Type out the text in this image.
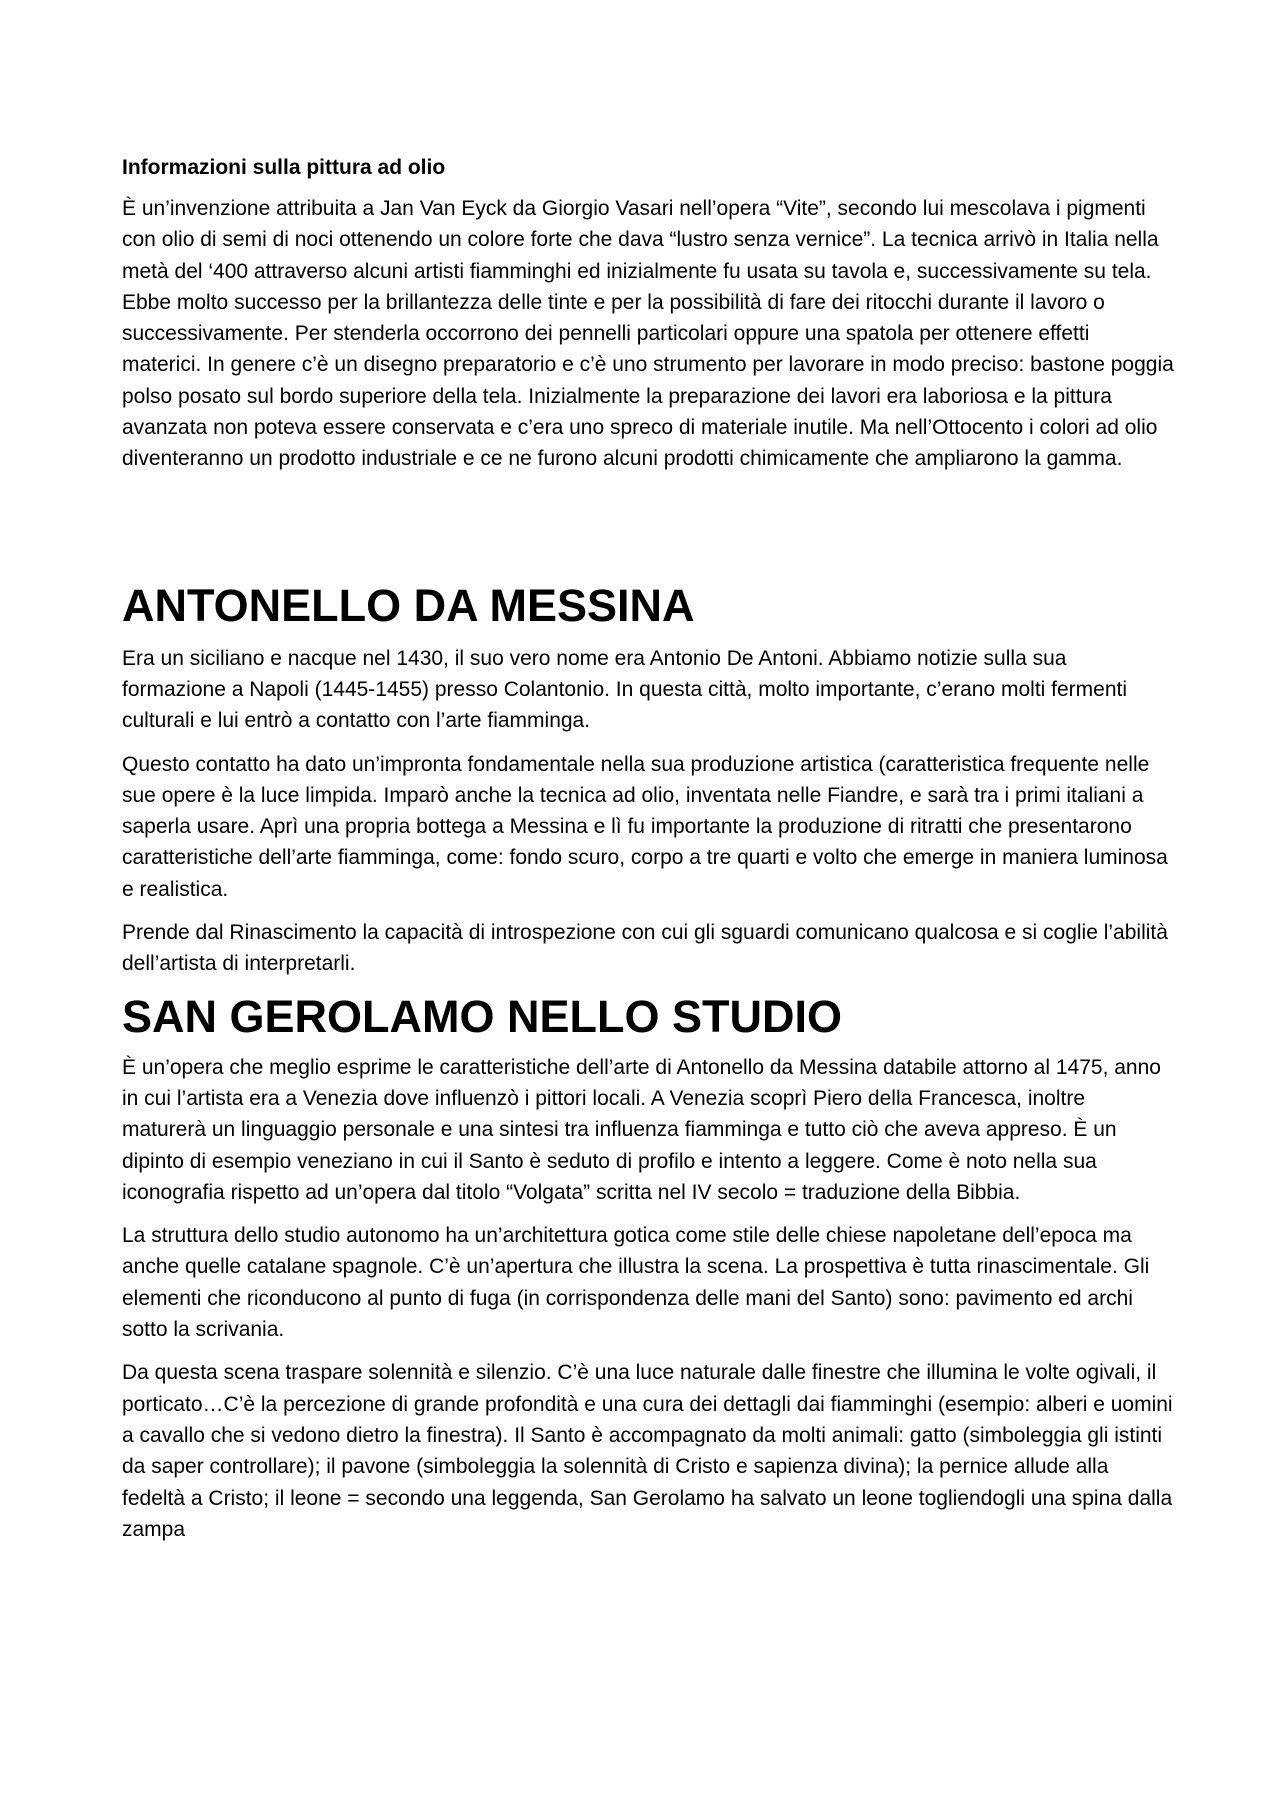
Informazioni sulla pittura ad olio

È un’invenzione attribuita a Jan Van Eyck da Giorgio Vasari nell’opera “Vite”, secondo lui mescolava i pigmenti con olio di semi di noci ottenendo un colore forte che dava “lustro senza vernice”. La tecnica arrivò in Italia nella metà del ‘400 attraverso alcuni artisti fiamminghi ed inizialmente fu usata su tavola e, successivamente su tela. Ebbe molto successo per la brillantezza delle tinte e per la possibilità di fare dei ritocchi durante il lavoro o successivamente. Per stenderla occorrono dei pennelli particolari oppure una spatola per ottenere effetti materici. In genere c’è un disegno preparatorio e c’è uno strumento per lavorare in modo preciso: bastone poggia polso posato sul bordo superiore della tela. Inizialmente la preparazione dei lavori era laboriosa e la pittura avanzata non poteva essere conservata e c’era uno spreco di materiale inutile. Ma nell’Ottocento i colori ad olio diventeranno un prodotto industriale e ce ne furono alcuni prodotti chimicamente che ampliarono la gamma.

ANTONELLO DA MESSINA

Era un siciliano e nacque nel 1430, il suo vero nome era Antonio De Antoni. Abbiamo notizie sulla sua formazione a Napoli (1445-1455) presso Colantonio. In questa città, molto importante, c’erano molti fermenti culturali e lui entrò a contatto con l’arte fiamminga.

Questo contatto ha dato un’impronta fondamentale nella sua produzione artistica (caratteristica frequente nelle sue opere è la luce limpida. Imparò anche la tecnica ad olio, inventata nelle Fiandre, e sarà tra i primi italiani a saperla usare. Aprì una propria bottega a Messina e lì fu importante la produzione di ritratti che presentarono caratteristiche dell’arte fiamminga, come: fondo scuro, corpo a tre quarti e volto che emerge in maniera luminosa e realistica.

Prende dal Rinascimento la capacità di introspezione con cui gli sguardi comunicano qualcosa e si coglie l’abilità dell’artista di interpretarli.

SAN GEROLAMO NELLO STUDIO

È un’opera che meglio esprime le caratteristiche dell’arte di Antonello da Messina databile attorno al 1475, anno in cui l’artista era a Venezia dove influenzò i pittori locali. A Venezia scoprì Piero della Francesca, inoltre maturerà un linguaggio personale e una sintesi tra influenza fiamminga e tutto ciò che aveva appreso. È un dipinto di esempio veneziano in cui il Santo è seduto di profilo e intento a leggere. Come è noto nella sua iconografia rispetto ad un’opera dal titolo “Volgata” scritta nel IV secolo = traduzione della Bibbia.

La struttura dello studio autonomo ha un’architettura gotica come stile delle chiese napoletane dell’epoca ma anche quelle catalane spagnole. C’è un’apertura che illustra la scena. La prospettiva è tutta rinascimentale. Gli elementi che riconducono al punto di fuga (in corrispondenza delle mani del Santo) sono: pavimento ed archi sotto la scrivania.

Da questa scena traspare solennità e silenzio. C’è una luce naturale dalle finestre che illumina le volte ogivali, il porticato…C’è la percezione di grande profondità e una cura dei dettagli dai fiamminghi (esempio: alberi e uomini a cavallo che si vedono dietro la finestra). Il Santo è accompagnato da molti animali: gatto (simboleggia gli istinti da saper controllare); il pavone (simboleggia la solennità di Cristo e sapienza divina); la pernice allude alla fedeltà a Cristo; il leone = secondo una leggenda, San Gerolamo ha salvato un leone togliendogli una spina dalla zampa
